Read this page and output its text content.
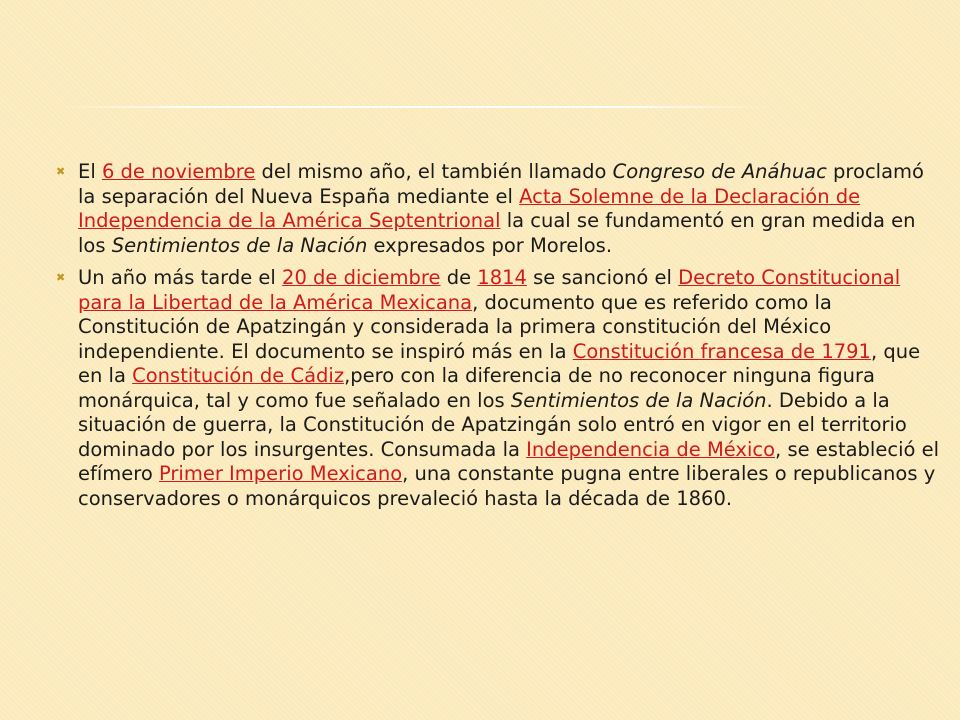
✖ El 6 de noviembre del mismo año, el también llamado Congreso de Anáhuac proclamó la separación del Nueva España mediante el Acta Solemne de la Declaración de Independencia de la América Septentrional la cual se fundamentó en gran medida en los Sentimientos de la Nación expresados por Morelos.
✖ Un año más tarde el 20 de diciembre de 1814 se sancionó el Decreto Constitucional para la Libertad de la América Mexicana, documento que es referido como la Constitución de Apatzingán y considerada la primera constitución del México independiente. El documento se inspiró más en la Constitución francesa de 1791, que en la Constitución de Cádiz,pero con la diferencia de no reconocer ninguna figura monárquica, tal y como fue señalado en los Sentimientos de la Nación. Debido a la situación de guerra, la Constitución de Apatzingán solo entró en vigor en el territorio dominado por los insurgentes. Consumada la Independencia de México, se estableció el efímero Primer Imperio Mexicano, una constante pugna entre liberales o republicanos y conservadores o monárquicos prevaleció hasta la década de 1860.
